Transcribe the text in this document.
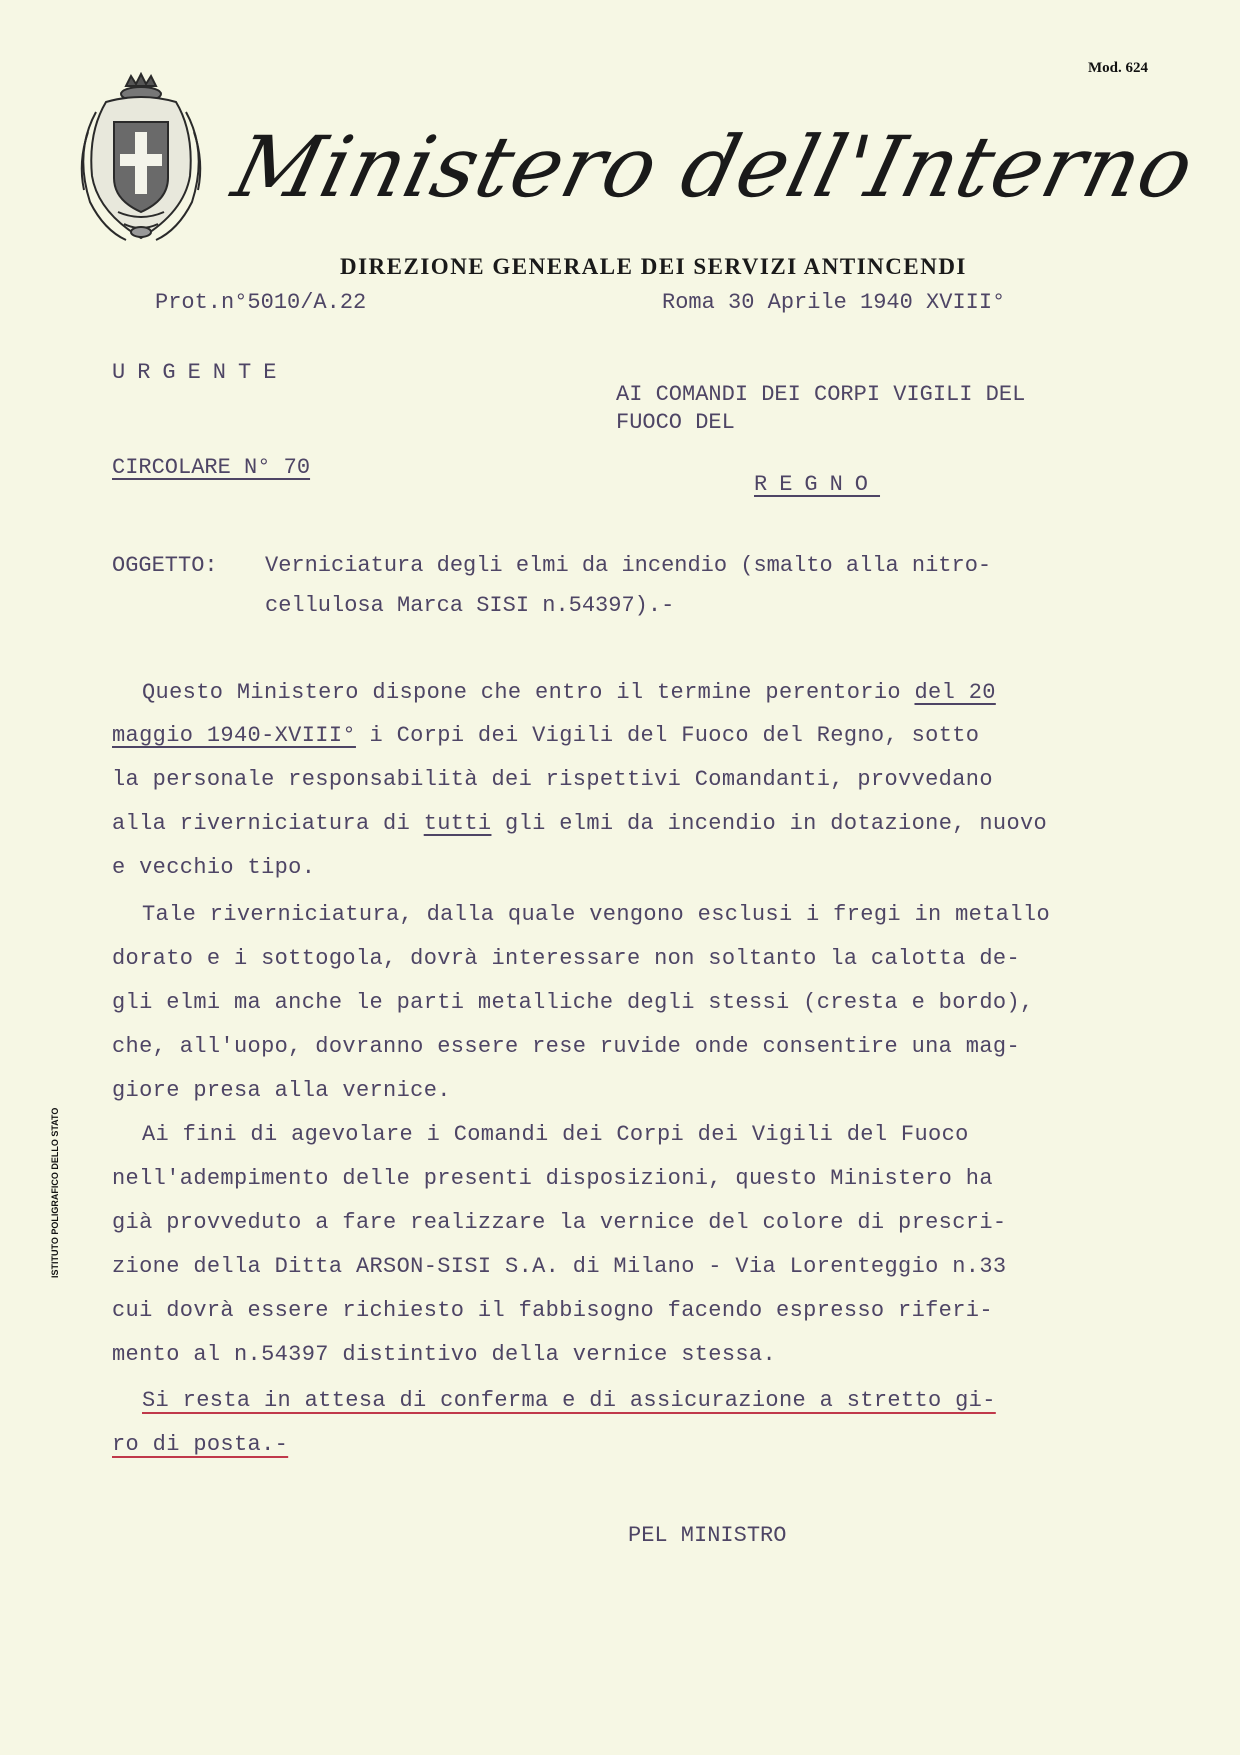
Mod. 624
Ministero dell'Interno
DIREZIONE GENERALE DEI SERVIZI ANTINCENDI
Prot.n°5010/A.22	Roma 30 Aprile 1940 XVIII°
URGENTE
AI COMANDI DEI CORPI VIGILI DEL
FUOCO DEL
CIRCOLARE N° 70
REGNO
OGGETTO: Verniciatura degli elmi da incendio (smalto alla nitro-
cellulosa Marca SISI n.54397).-
Questo Ministero dispone che entro il termine perentorio del 20
maggio 1940-XVIII° i Corpi dei Vigili del Fuoco del Regno, sotto
la personale responsabilità dei rispettivi Comandanti, provvedano
alla riverniciatura di tutti gli elmi da incendio in dotazione, nuovo
e vecchio tipo.
Tale riverniciatura, dalla quale vengono esclusi i fregi in metallo
dorato e i sottogola, dovrà interessare non soltanto la calotta de-
gli elmi ma anche le parti metalliche degli stessi (cresta e bordo),
che, all'uopo, dovranno essere rese ruvide onde consentire una mag-
giore presa alla vernice.
Ai fini di agevolare i Comandi dei Corpi dei Vigili del Fuoco
nell'adempimento delle presenti disposizioni, questo Ministero ha
già provveduto a fare realizzare la vernice del colore di prescri-
zione della Ditta ARSON-SISI S.A. di Milano - Via Lorenteggio n.33
cui dovrà essere richiesto il fabbisogno facendo espresso riferi-
mento al n.54397 distintivo della vernice stessa.
Si resta in attesa di conferma e di assicurazione a stretto gi-
ro di posta.-
PEL MINISTRO
ISTITUTO POLIGRAFICO DELLO STATO
